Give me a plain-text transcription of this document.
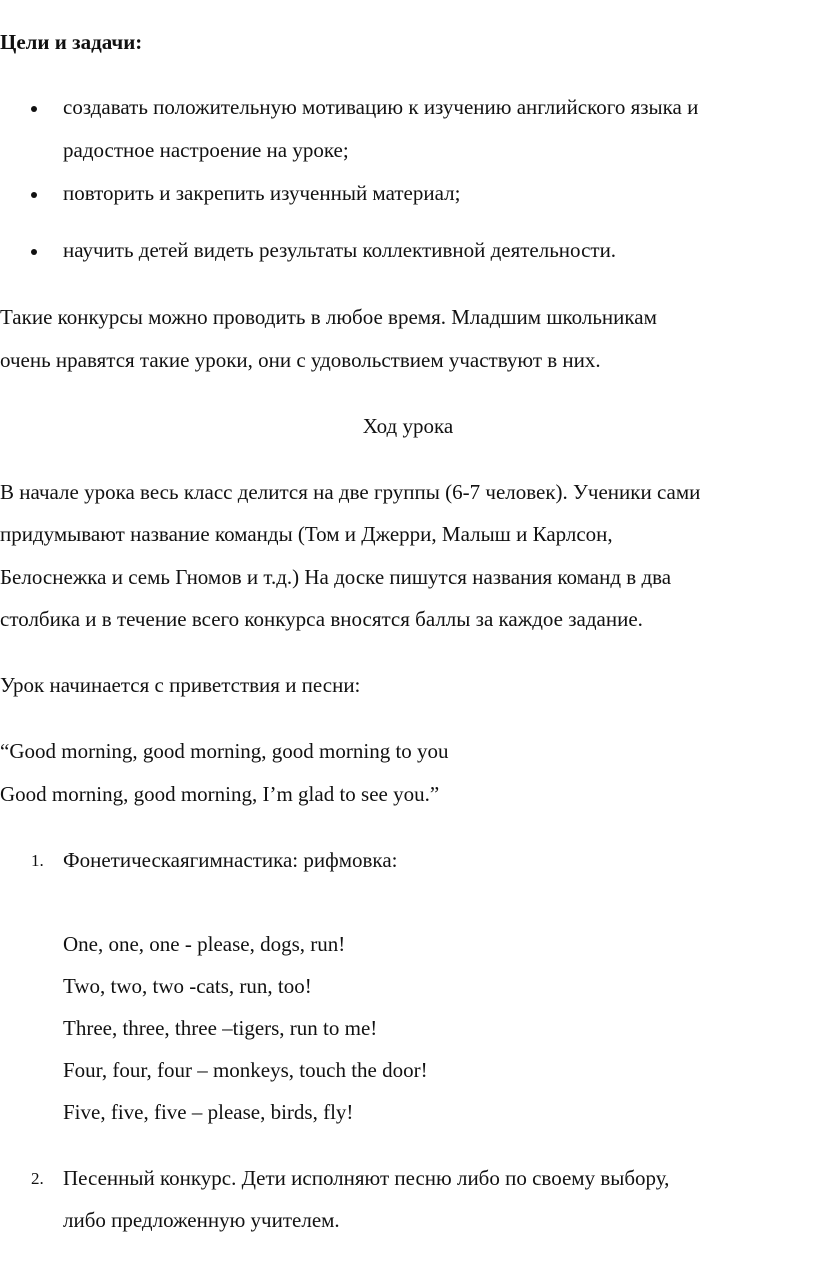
Цели и задачи:
создавать положительную мотивацию к изучению английского языка и
радостное настроение на уроке;
повторить и закрепить изученный материал;
научить детей видеть результаты коллективной деятельности.
Такие конкурсы можно проводить в любое время. Младшим школьникам
очень нравятся такие уроки, они с удовольствием участвуют в них.
Ход урока
В начале урока весь класс делится на две группы (6-7 человек). Ученики сами
придумывают название команды (Том и Джерри, Малыш и Карлсон,
Белоснежка и семь Гномов и т.д.) На доске пишутся названия команд в два
столбика и в течение всего конкурса вносятся баллы за каждое задание.
Урок начинается с приветствия и песни:
“Good morning, good morning, good morning to you
Good morning, good morning, I’m glad to see you.”
1. Фонетическаягимнастика: рифмовка:
One, one, one - please, dogs, run!
Two, two, two -cats, run, too!
Three, three, three –tigers, run to me!
Four, four, four – monkeys, touch the door!
Five, five, five – please, birds, fly!
2. Песенный конкурс. Дети исполняют песню либо по своему выбору,
либо предложенную учителем.
